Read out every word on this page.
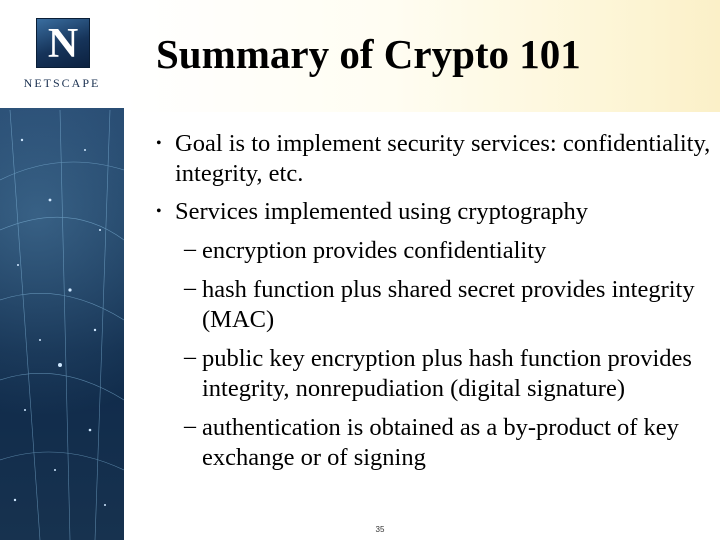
N
NETSCAPE
Summary of Crypto 101
• Goal is to implement security services: confidentiality, integrity, etc.
• Services implemented using cryptography
– encryption provides confidentiality
– hash function plus shared secret provides integrity (MAC)
– public key encryption plus hash function provides integrity, nonrepudiation (digital signature)
– authentication is obtained as a by-product of key exchange or of signing
35
